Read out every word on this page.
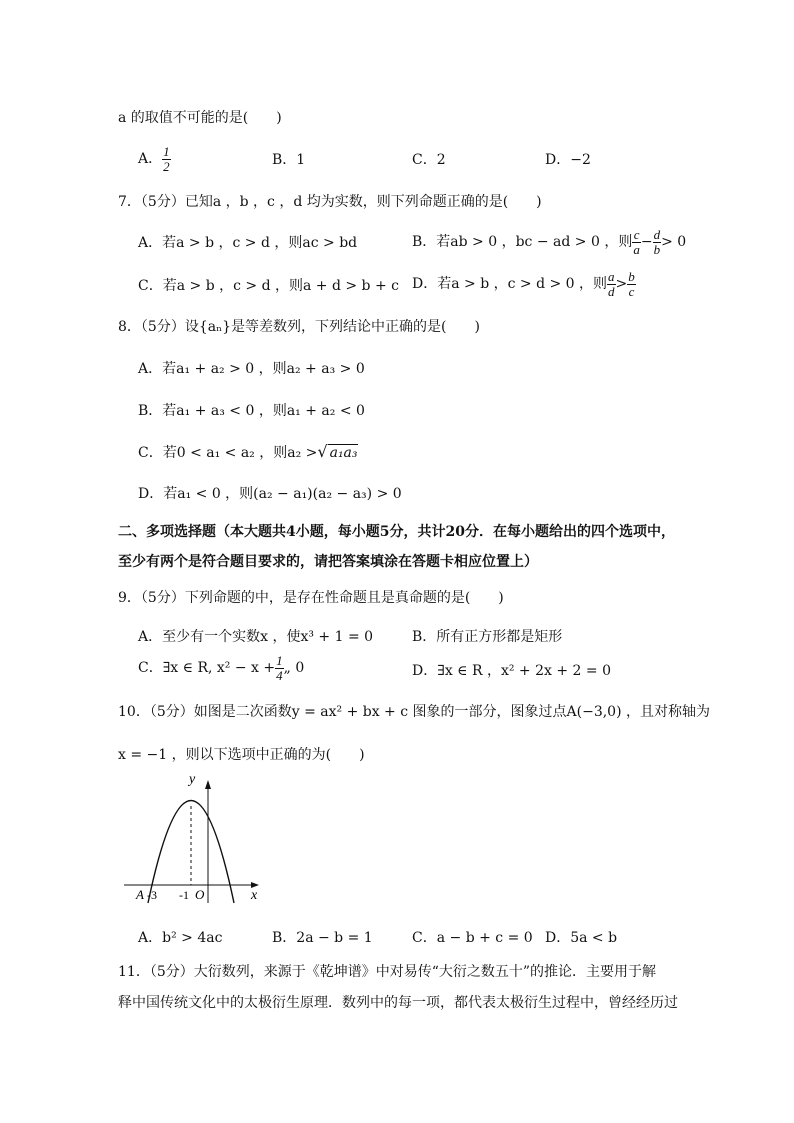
a 的取值不可能的是(　　)
A． $\frac{1}{2}$	B．1	C．2	D．−2
7．（5分）已知a ，b ，c ，d 均为实数，则下列命题正确的是(　　)
A．若a > b ，c > d ，则ac > bd	B．若ab > 0 ，bc − ad > 0 ，则 $\frac{c}{a} - \frac{d}{b} > 0$
C．若a > b ，c > d ，则a + d > b + c D．若a > b ，c > d > 0 ，则 $\frac{a}{d} > \frac{b}{c}$
8．（5分）设{aₙ}是等差数列，下列结论中正确的是(　　)
A．若a₁ + a₂ > 0 ，则a₂ + a₃ > 0
B．若a₁ + a₃ < 0 ，则a₁ + a₂ < 0
C．若0 < a₁ < a₂ ，则a₂ >√ a₁a₃
D．若a₁ < 0 ，则(a₂ − a₁)(a₂ − a₃) > 0
二、多项选择题（本大题共4小题，每小题5分，共计20分．在每小题给出的四个选项中，
至少有两个是符合题目要求的，请把答案填涂在答题卡相应位置上）
9．（5分）下列命题的中，是存在性命题且是真命题的是(　　)
A．至少有一个实数x ，使x³ + 1 = 0	B．所有正方形都是矩形
C．∃x ∈ R, $x^2 - x + \frac{1}{4}$ „ 0	D．∃x ∈ R ，x² + 2x + 2 = 0
10．（5分）如图是二次函数y = ax² + bx + c 图象的一部分，图象过点A(−3,0) ，且对称轴为
x = −1 ，则以下选项中正确的为(　　)
y
x
A -3 -1 O
A．b² > 4ac	B．2a − b = 1	C．a − b + c = 0 D．5a < b
11．（5分）大衍数列，来源于《乾坤谱》中对易传“大衍之数五十”的推论．主要用于解
释中国传统文化中的太极衍生原理．数列中的每一项，都代表太极衍生过程中，曾经经历过
